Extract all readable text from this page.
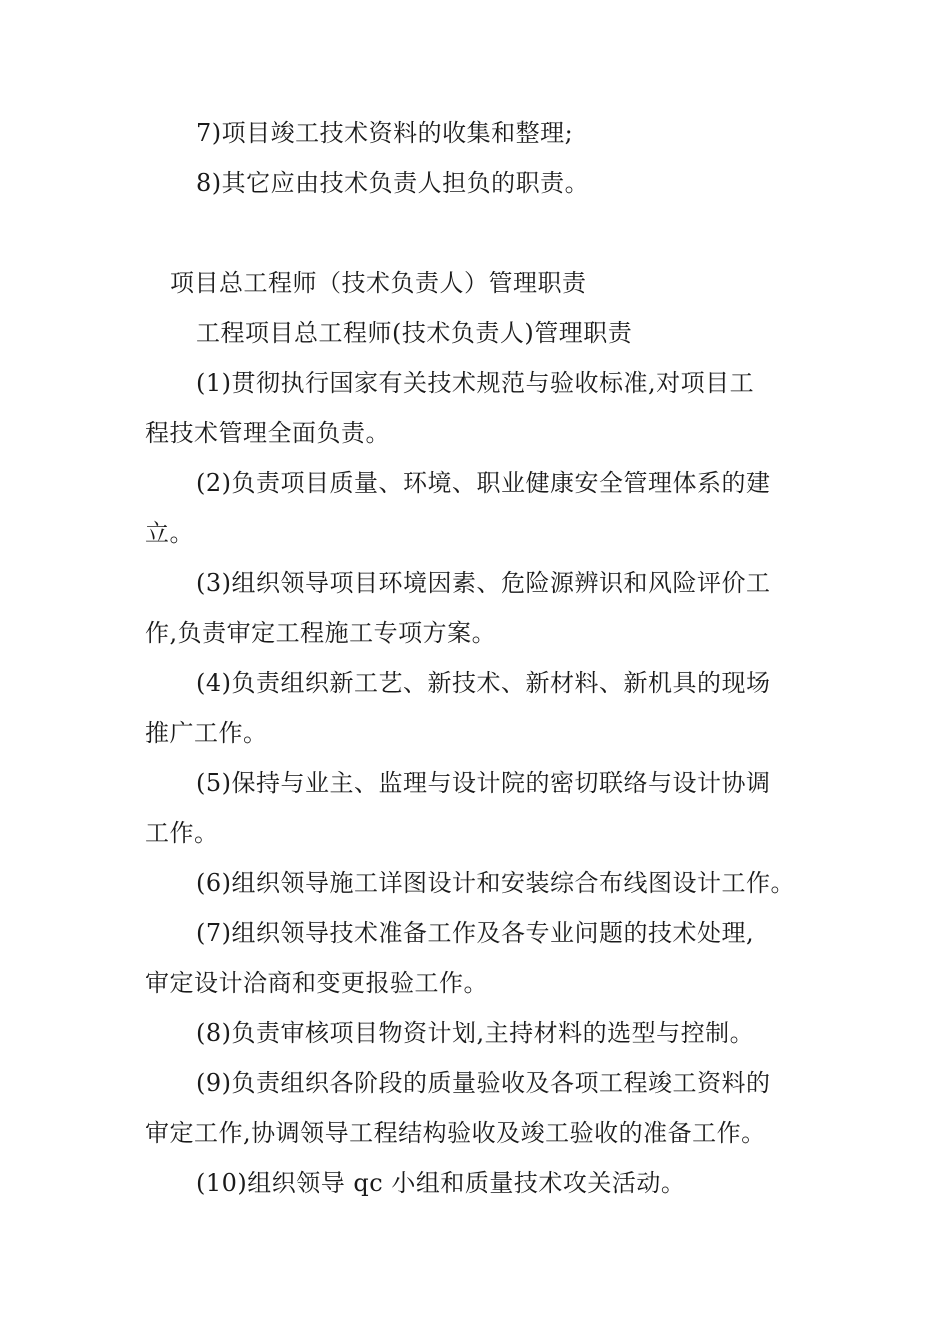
7)项目竣工技术资料的收集和整理;
8)其它应由技术负责人担负的职责。
项目总工程师（技术负责人）管理职责
工程项目总工程师(技术负责人)管理职责
(1)贯彻执行国家有关技术规范与验收标准,对项目工
程技术管理全面负责。
(2)负责项目质量、环境、职业健康安全管理体系的建
立。
(3)组织领导项目环境因素、危险源辨识和风险评价工
作,负责审定工程施工专项方案。
(4)负责组织新工艺、新技术、新材料、新机具的现场
推广工作。
(5)保持与业主、监理与设计院的密切联络与设计协调
工作。
(6)组织领导施工详图设计和安装综合布线图设计工作。
(7)组织领导技术准备工作及各专业问题的技术处理,
审定设计洽商和变更报验工作。
(8)负责审核项目物资计划,主持材料的选型与控制。
(9)负责组织各阶段的质量验收及各项工程竣工资料的
审定工作,协调领导工程结构验收及竣工验收的准备工作。
(10)组织领导 qc 小组和质量技术攻关活动。
